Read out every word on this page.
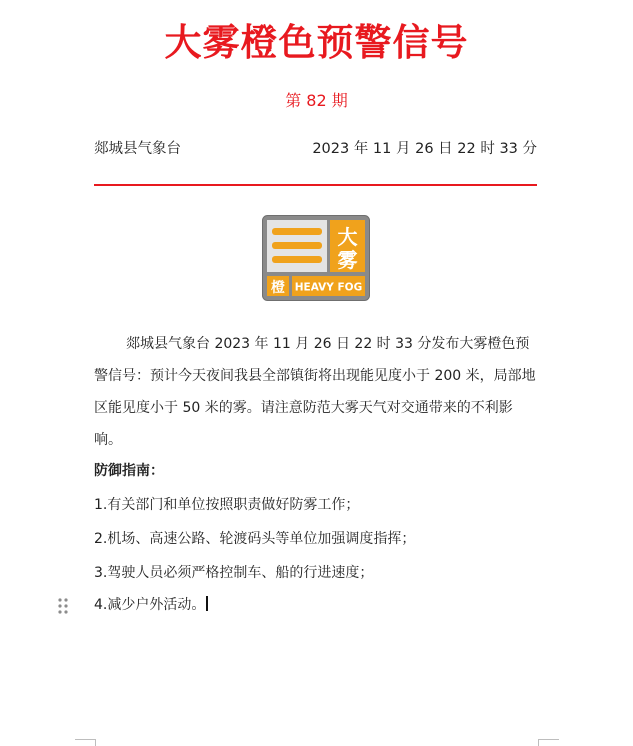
大雾橙色预警信号
第 82 期
郯城县气象台	2023 年 11 月 26 日 22 时 33 分
大
雾
橙 HEAVY FOG
郯城县气象台 2023 年 11 月 26 日 22 时 33 分发布大雾橙色预警信号：预计今天夜间我县全部镇街将出现能见度小于 200 米，局部地区能见度小于 50 米的雾。请注意防范大雾天气对交通带来的不利影响。
防御指南：
1.有关部门和单位按照职责做好防雾工作；
2.机场、高速公路、轮渡码头等单位加强调度指挥；
3.驾驶人员必须严格控制车、船的行进速度；
4.减少户外活动。
